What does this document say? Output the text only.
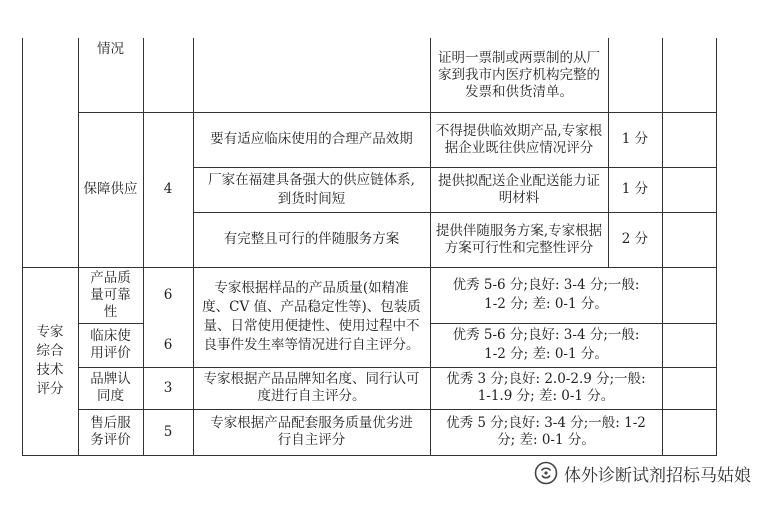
情况
证明一票制或两票制的从厂家到我市内医疗机构完整的发票和供货清单。
保障供应	4
要有适应临床使用的合理产品效期
不得提供临效期产品,专家根据企业既往供应情况评分
1 分
厂家在福建具备强大的供应链体系,到货时间短
提供拟配送企业配送能力证明材料
1 分
有完整且可行的伴随服务方案
提供伴随服务方案,专家根据方案可行性和完整性评分
2 分
专家综合技术评分
产品质量可靠性
6
优秀 5-6 分;良好: 3-4 分;一般: 1-2 分; 差: 0-1 分。
临床使用评价
6
优秀 5-6 分;良好: 3-4 分;一般: 1-2 分; 差: 0-1 分。
专家根据样品的产品质量(如精准度、CV 值、产品稳定性等)、包装质量、日常使用便捷性、使用过程中不良事件发生率等情况进行自主评分。
品牌认同度
3
专家根据产品品牌知名度、同行认可度进行自主评分。
优秀 3 分;良好: 2.0-2.9 分;一般: 1-1.9 分; 差: 0-1 分。
售后服务评价
5
专家根据产品配套服务质量优劣进行自主评分
优秀 5 分;良好: 3-4 分;一般: 1-2 分; 差: 0-1 分。
体外诊断试剂招标马姑娘
